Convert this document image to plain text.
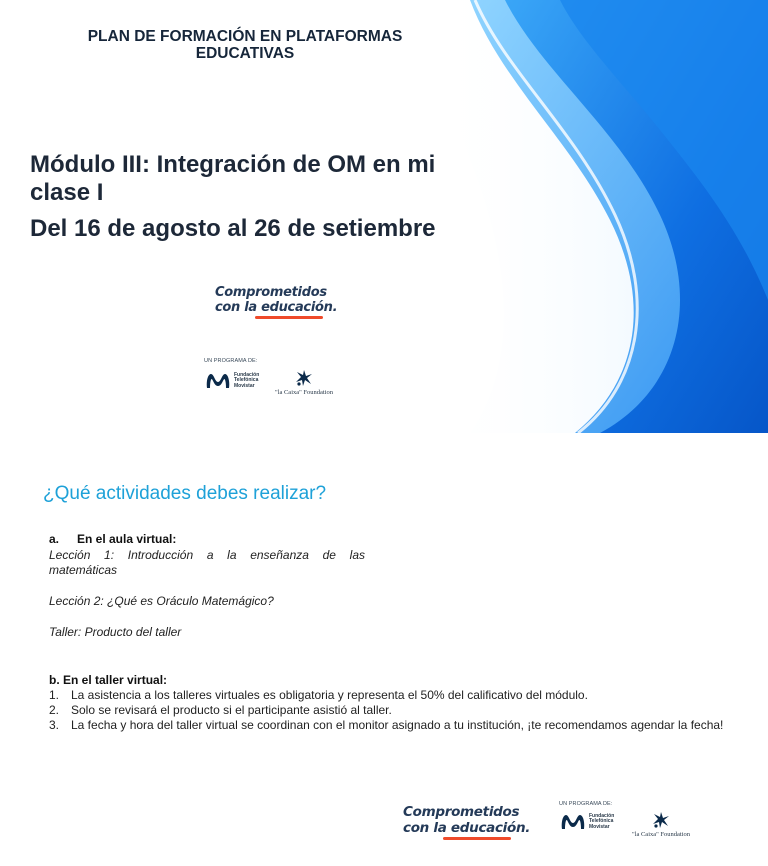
PLAN DE FORMACIÓN EN PLATAFORMAS EDUCATIVAS
Módulo III: Integración de OM en mi clase I
Del 16 de agosto al 26 de setiembre
Comprometidos
con la educación.
UN PROGRAMA DE:
Fundación
Telefónica
Movistar
"la Caixa" Foundation
¿Qué actividades debes realizar?
a. En el aula virtual:
Lección 1: Introducción a la enseñanza de las
matemáticas
Lección 2: ¿Qué es Oráculo Matemágico?
Taller: Producto del taller
b. En el taller virtual:
1. La asistencia a los talleres virtuales es obligatoria y representa el 50% del calificativo del módulo.
2. Solo se revisará el producto si el participante asistió al taller.
3. La fecha y hora del taller virtual se coordinan con el monitor asignado a tu institución, ¡te recomendamos agendar la fecha!
Comprometidos
con la educación.
UN PROGRAMA DE:
Fundación
Telefónica
Movistar
"la Caixa" Foundation
